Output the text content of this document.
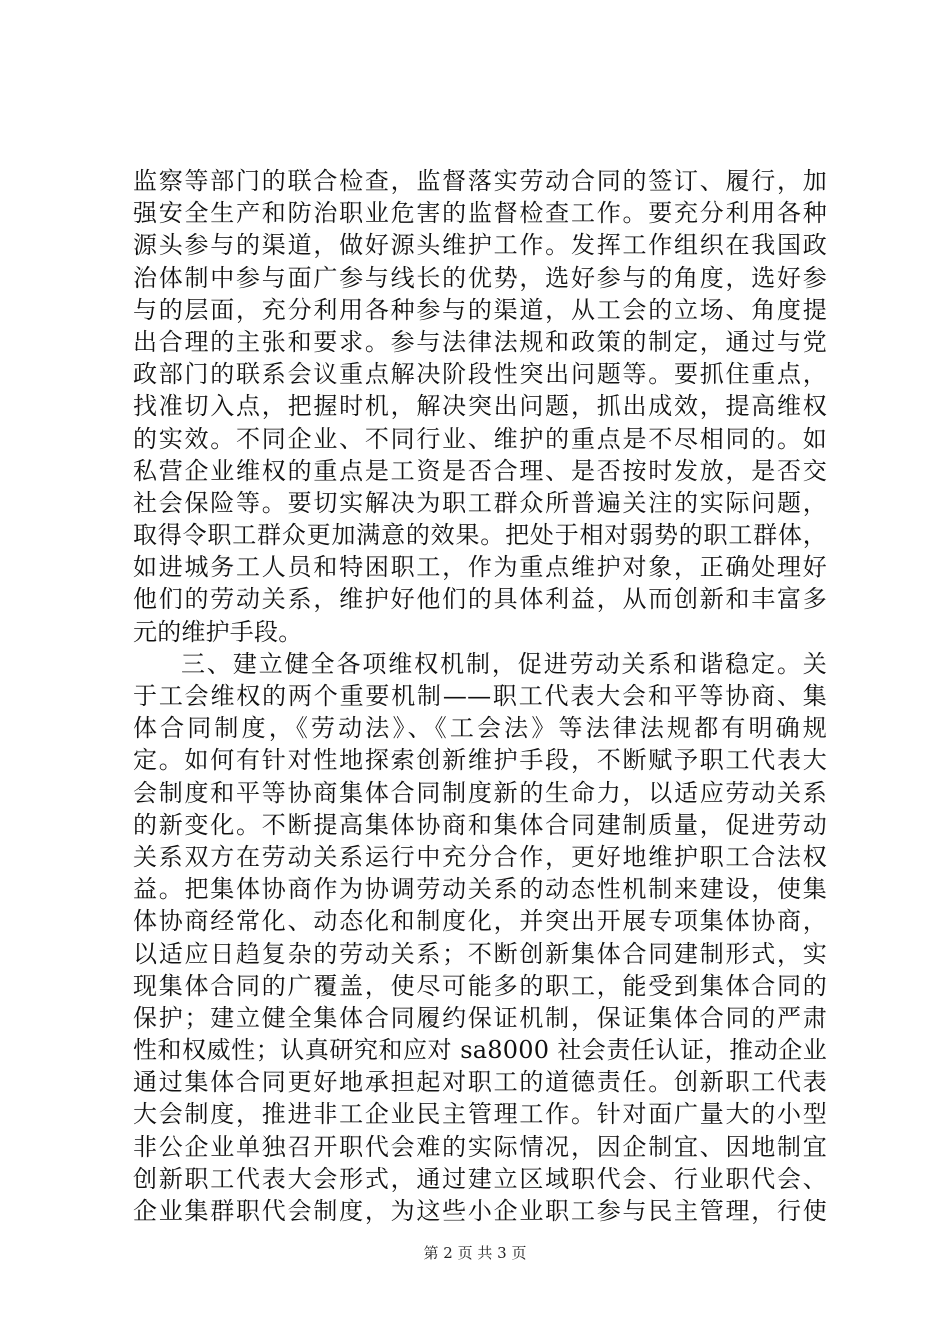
监察等部门的联合检查，监督落实劳动合同的签订、履行，加
强安全生产和防治职业危害的监督检查工作。要充分利用各种
源头参与的渠道，做好源头维护工作。发挥工作组织在我国政
治体制中参与面广参与线长的优势，选好参与的角度，选好参
与的层面，充分利用各种参与的渠道，从工会的立场、角度提
出合理的主张和要求。参与法律法规和政策的制定，通过与党
政部门的联系会议重点解决阶段性突出问题等。要抓住重点，
找准切入点，把握时机，解决突出问题，抓出成效，提高维权
的实效。不同企业、不同行业、维护的重点是不尽相同的。如
私营企业维权的重点是工资是否合理、是否按时发放，是否交
社会保险等。要切实解决为职工群众所普遍关注的实际问题，
取得令职工群众更加满意的效果。把处于相对弱势的职工群体，
如进城务工人员和特困职工，作为重点维护对象，正确处理好
他们的劳动关系，维护好他们的具体利益，从而创新和丰富多
元的维护手段。
三、建立健全各项维权机制，促进劳动关系和谐稳定。关
于工会维权的两个重要机制——职工代表大会和平等协商、集
体合同制度，《劳动法》、《工会法》等法律法规都有明确规
定。如何有针对性地探索创新维护手段，不断赋予职工代表大
会制度和平等协商集体合同制度新的生命力，以适应劳动关系
的新变化。不断提高集体协商和集体合同建制质量，促进劳动
关系双方在劳动关系运行中充分合作，更好地维护职工合法权
益。把集体协商作为协调劳动关系的动态性机制来建设，使集
体协商经常化、动态化和制度化，并突出开展专项集体协商，
以适应日趋复杂的劳动关系；不断创新集体合同建制形式，实
现集体合同的广覆盖，使尽可能多的职工，能受到集体合同的
保护；建立健全集体合同履约保证机制，保证集体合同的严肃
性和权威性；认真研究和应对 sa8000 社会责任认证，推动企业
通过集体合同更好地承担起对职工的道德责任。创新职工代表
大会制度，推进非工企业民主管理工作。针对面广量大的小型
非公企业单独召开职代会难的实际情况，因企制宜、因地制宜
创新职工代表大会形式，通过建立区域职代会、行业职代会、
企业集群职代会制度，为这些小企业职工参与民主管理，行使
第 2 页 共 3 页
